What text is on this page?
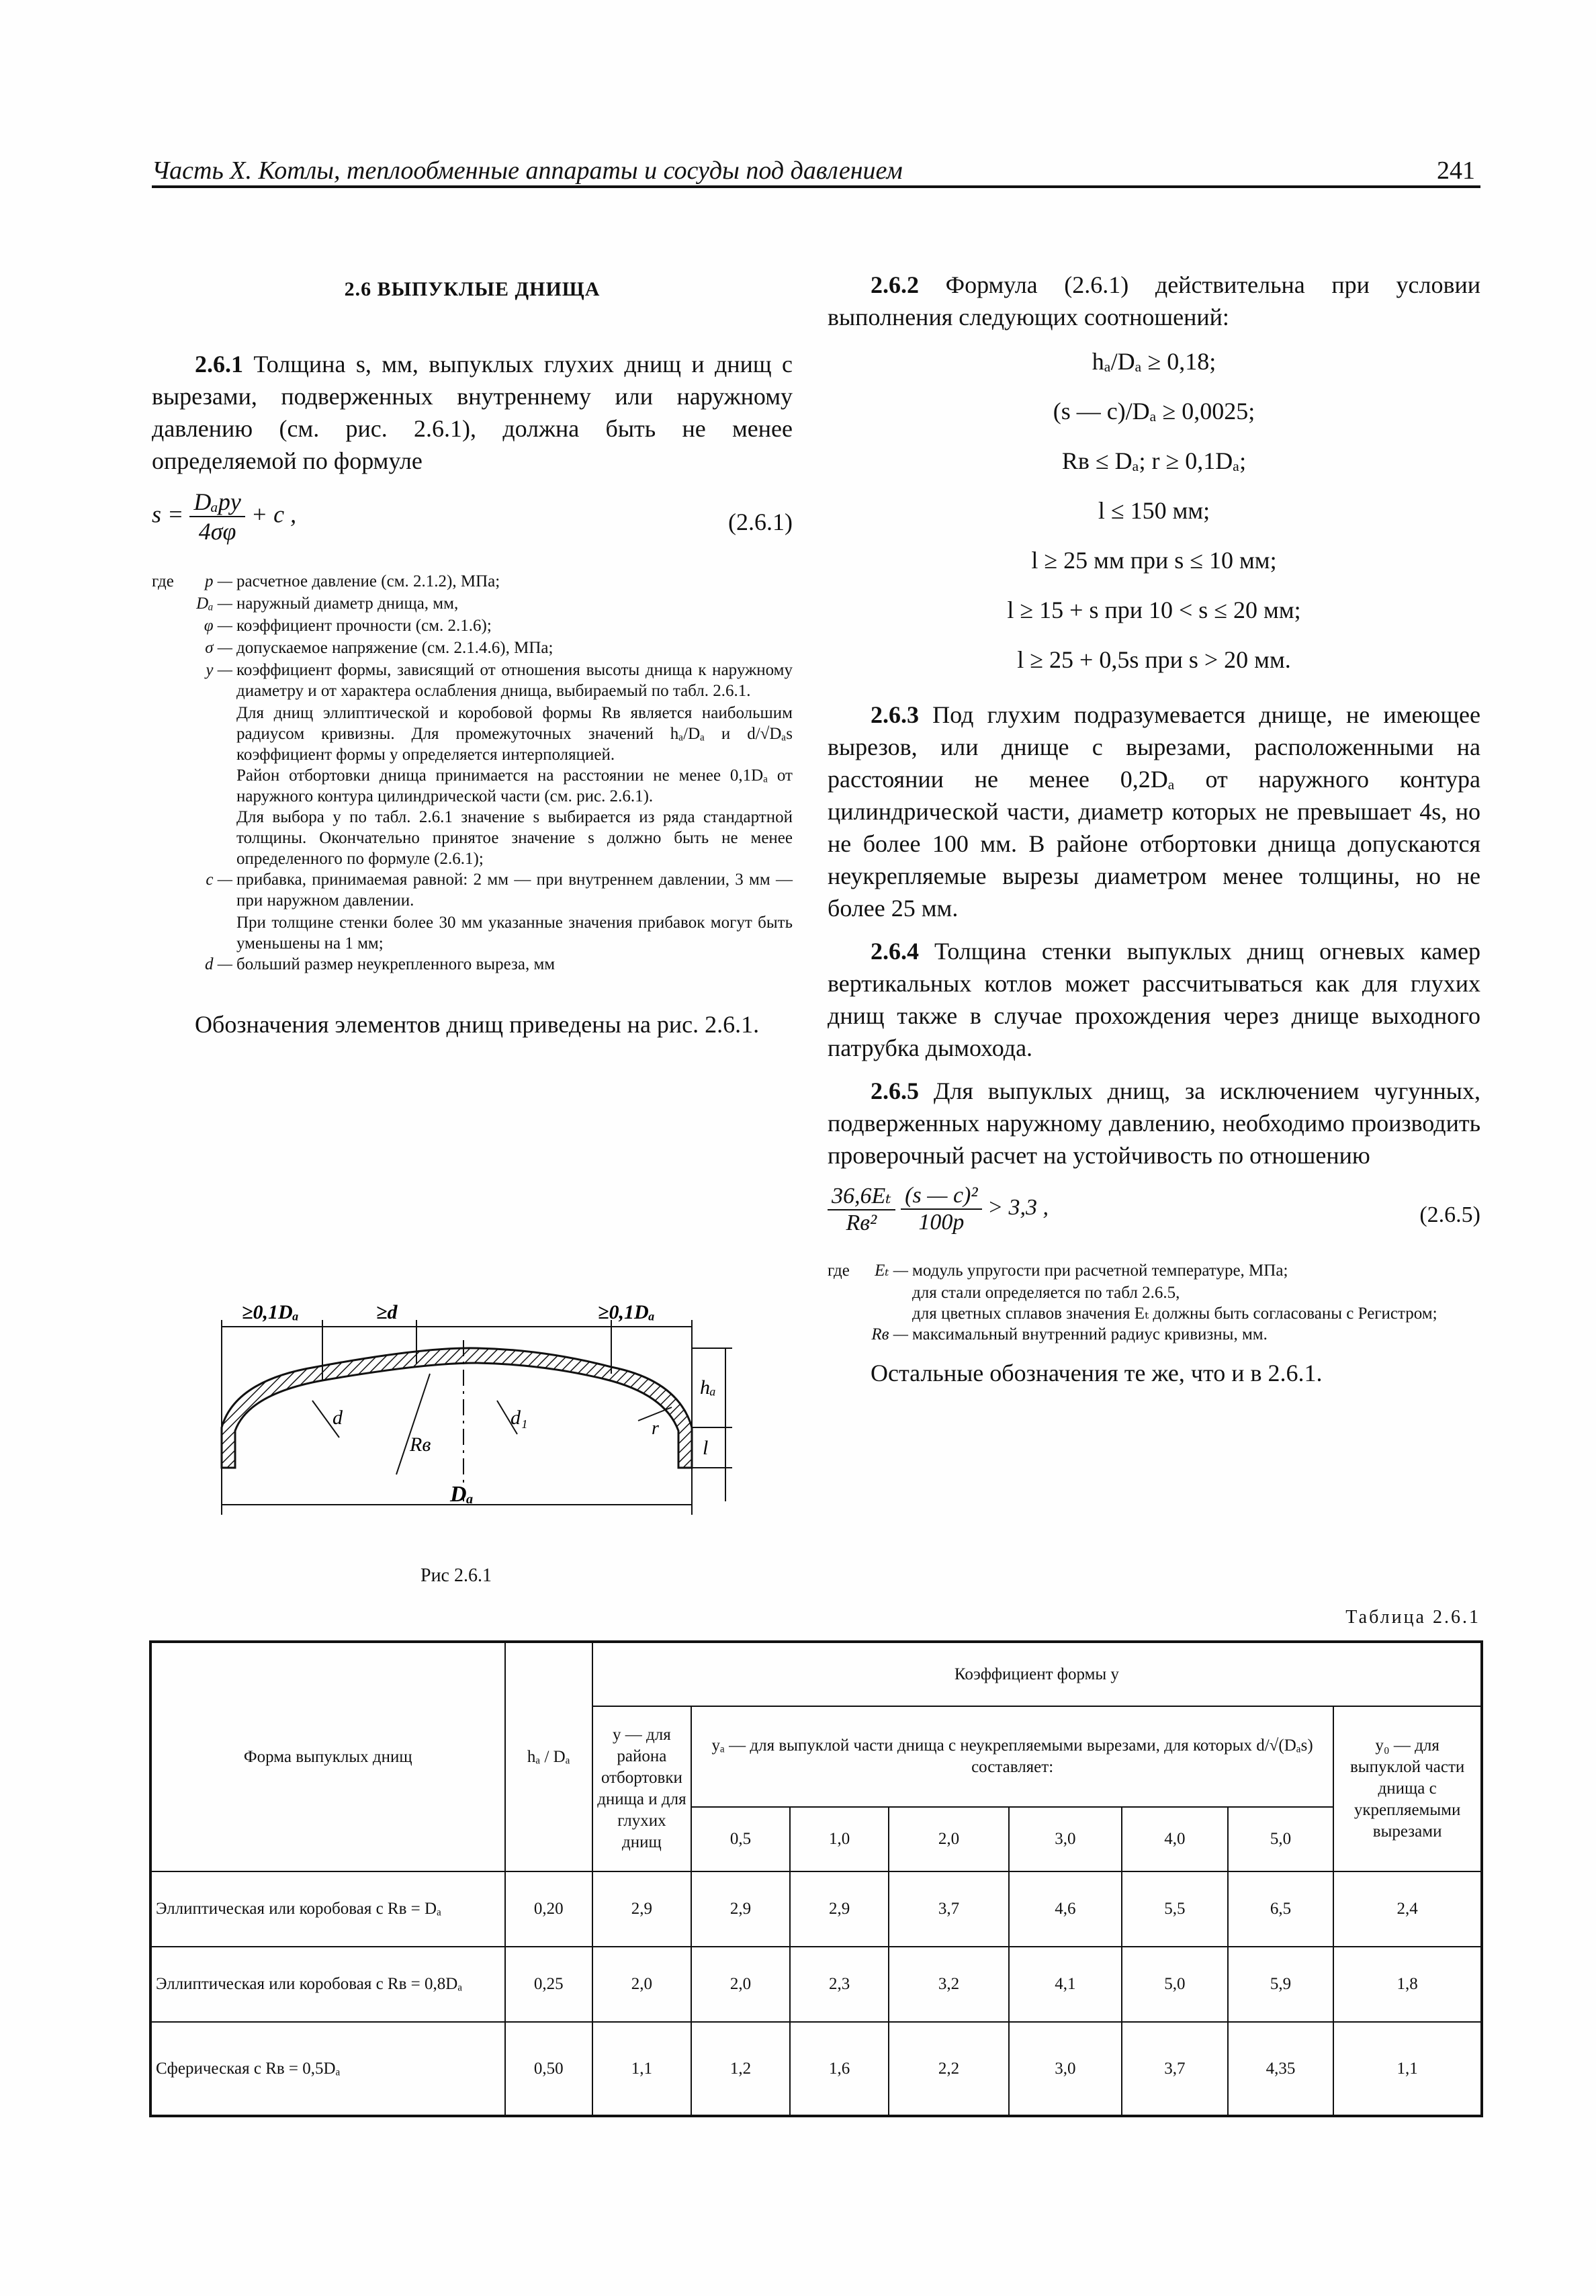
Часть X. Котлы, теплообменные аппараты и сосуды под давлением	241
2.6 ВЫПУКЛЫЕ ДНИЩА

2.6.1 Толщина s, мм, выпуклых глухих днищ и днищ с вырезами, подверженных внутреннему или наружному давлению (см. рис. 2.6.1), должна быть не менее определяемой по формуле

$s = \frac{\text{Dₐpy}}{4\sigma\varphi} + c$ ,	(2.6.1)
где	p — расчетное давление (см. 2.1.2), МПа;
Dₐ — наружный диаметр днища, мм,
φ — коэффициент прочности (см. 2.1.6);
σ — допускаемое напряжение (см. 2.1.4.6), МПа;
y — коэффициент формы, зависящий от отношения высоты днища к наружному диаметру и от характера ослабления днища, выбираемый по табл. 2.6.1.
Для днищ эллиптической и коробовой формы Rв является наибольшим радиусом кривизны. Для промежуточных значений hₐ/Dₐ и d/√Dₐs коэффициент формы y определяется интерполяцией.
Район отбортовки днища принимается на расстоянии не менее 0,1Dₐ от наружного контура цилиндрической части (см. рис. 2.6.1).
Для выбора y по табл. 2.6.1 значение s выбирается из ряда стандартной толщины. Окончательно принятое значение s должно быть не менее определенного по формуле (2.6.1);
c — прибавка, принимаемая равной: 2 мм — при внутреннем давлении, 3 мм — при наружном давлении.
При толщине стенки более 30 мм указанные значения прибавок могут быть уменьшены на 1 мм;
d — больший размер неукрепленного выреза, мм

Обозначения элементов днищ приведены на рис. 2.6.1.

≥0,1Dₐ	≥d	≥0,1Dₐ
d	d₁
Rв
r
hₐ
l
Dₐ
Рис 2.6.1

2.6.2 Формула (2.6.1) действительна при условии выполнения следующих соотношений:

hₐ/Dₐ ≥ 0,18;
(s — c)/Dₐ ≥ 0,0025;
Rв ≤ Dₐ; r ≥ 0,1Dₐ;
l ≤ 150 мм;
l ≥ 25 мм при s ≤ 10 мм;
l ≥ 15 + s при 10 < s ≤ 20 мм;
l ≥ 25 + 0,5s при s > 20 мм.

2.6.3 Под глухим подразумевается днище, не имеющее вырезов, или днище с вырезами, расположенными на расстоянии не менее 0,2Dₐ от наружного контура цилиндрической части, диаметр которых не превышает 4s, но не более 100 мм. В районе отбортовки днища допускаются неукрепляемые вырезы диаметром менее толщины, но не более 25 мм.

2.6.4 Толщина стенки выпуклых днищ огневых камер вертикальных котлов может рассчитываться как для глухих днищ также в случае прохождения через днище выходного патрубка дымохода.

2.6.5 Для выпуклых днищ, за исключением чугунных, подверженных наружному давлению, необходимо производить проверочный расчет на устойчивость по отношению

$\frac{\text{36,6Eₜ}}{\text{Rв²}}$
$\frac{\text{(s — c)²}}{100p} > 3,3$ ,	(2.6.5)
где	Eₜ — модуль упругости при расчетной температуре, МПа;
для стали определяется по табл 2.6.5,
для цветных сплавов значения Eₜ должны быть согласованы с Регистром;
Rв — максимальный внутренний радиус кривизны, мм.

Остальные обозначения те же, что и в 2.6.1.

Таблица 2.6.1
Форма выпуклых днищ	hₐ / Dₐ	Коэффициент формы y							
		y — для района отбортовки днища и для глухих днищ	yₐ — для выпуклой части днища с неукрепляемыми вырезами, для которых d/√(Dₐs) составляет:						y₀ — для выпуклой части днища с укрепляемыми вырезами
			0,5	1,0	2,0	3,0	4,0	5,0	
Эллиптическая или коробовая с Rв = Dₐ	0,20	2,9	2,9	2,9	3,7	4,6	5,5	6,5	2,4
Эллиптическая или коробовая с Rв = 0,8Dₐ	0,25	2,0	2,0	2,3	3,2	4,1	5,0	5,9	1,8
Сферическая с Rв = 0,5Dₐ	0,50	1,1	1,2	1,6	2,2	3,0	3,7	4,35	1,1
